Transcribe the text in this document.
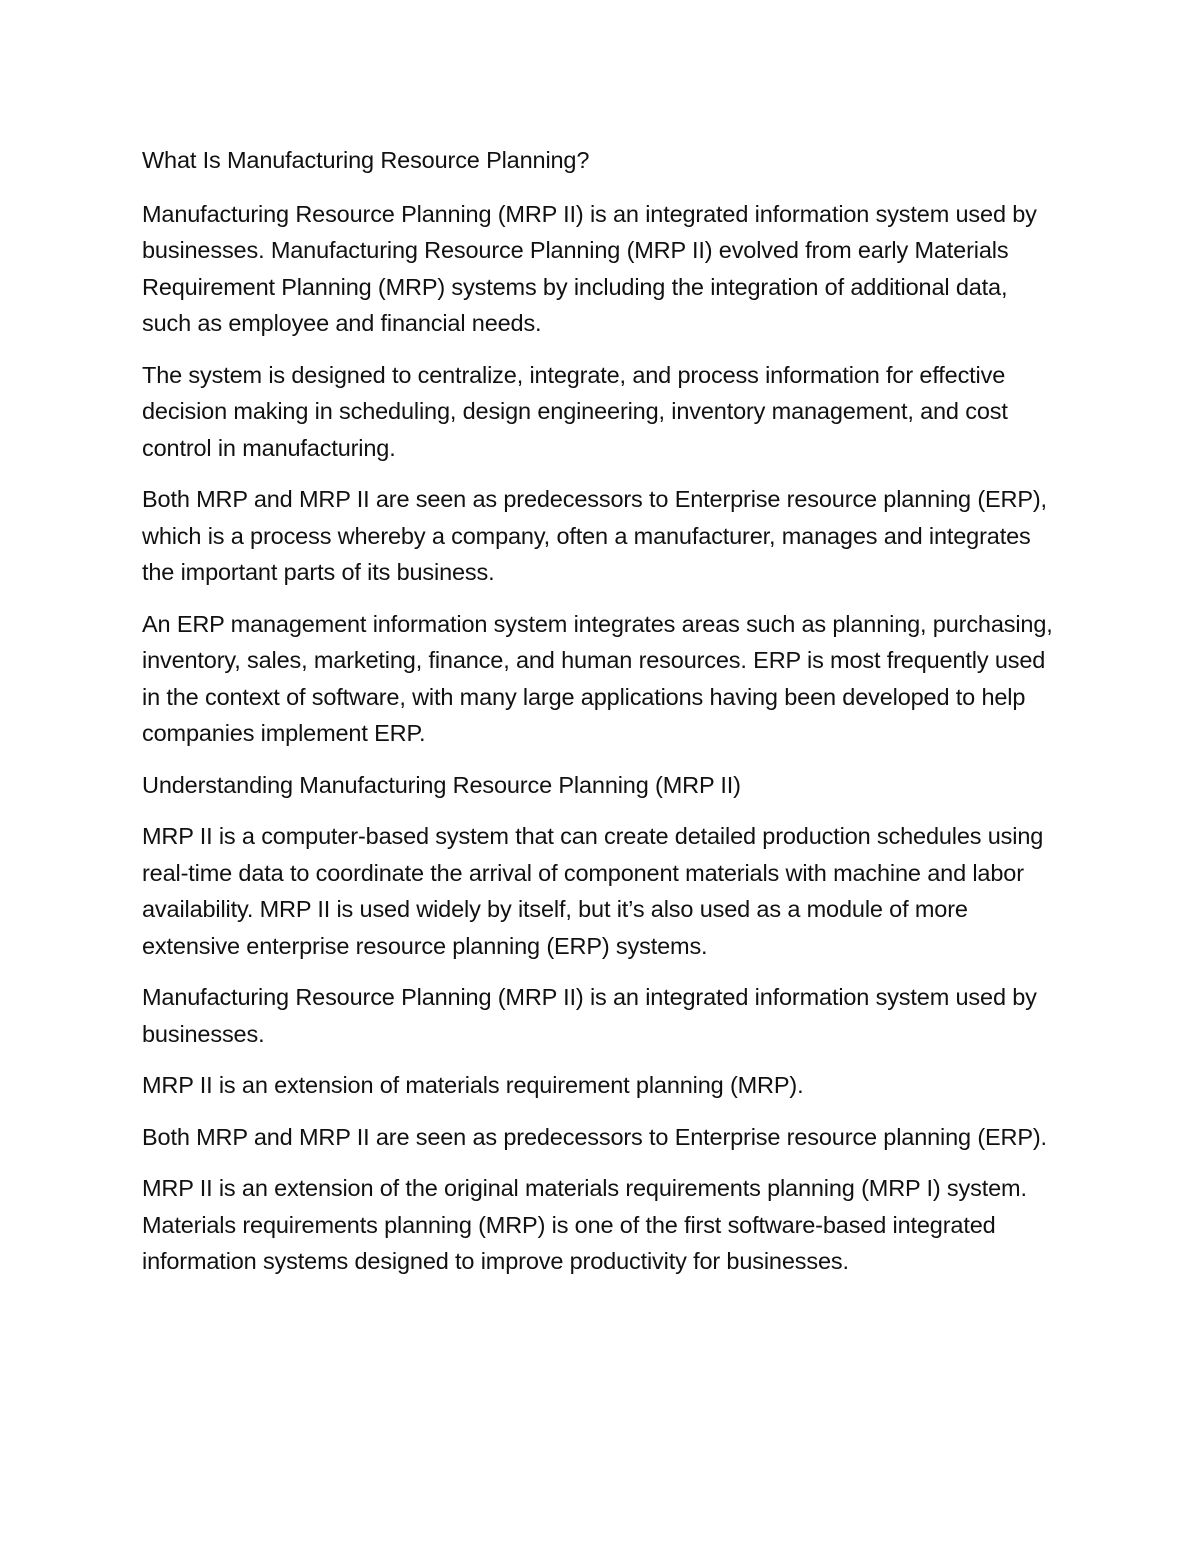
What Is Manufacturing Resource Planning?

Manufacturing Resource Planning (MRP II) is an integrated information system used by businesses. Manufacturing Resource Planning (MRP II) evolved from early Materials Requirement Planning (MRP) systems by including the integration of additional data, such as employee and financial needs.

The system is designed to centralize, integrate, and process information for effective decision making in scheduling, design engineering, inventory management, and cost control in manufacturing.

Both MRP and MRP II are seen as predecessors to Enterprise resource planning (ERP), which is a process whereby a company, often a manufacturer, manages and integrates the important parts of its business.

An ERP management information system integrates areas such as planning, purchasing, inventory, sales, marketing, finance, and human resources. ERP is most frequently used in the context of software, with many large applications having been developed to help companies implement ERP.

Understanding Manufacturing Resource Planning (MRP II)

MRP II is a computer-based system that can create detailed production schedules using real-time data to coordinate the arrival of component materials with machine and labor availability. MRP II is used widely by itself, but it’s also used as a module of more extensive enterprise resource planning (ERP) systems.

Manufacturing Resource Planning (MRP II) is an integrated information system used by businesses.

MRP II is an extension of materials requirement planning (MRP).

Both MRP and MRP II are seen as predecessors to Enterprise resource planning (ERP).

MRP II is an extension of the original materials requirements planning (MRP I) system. Materials requirements planning (MRP) is one of the first software-based integrated information systems designed to improve productivity for businesses.
